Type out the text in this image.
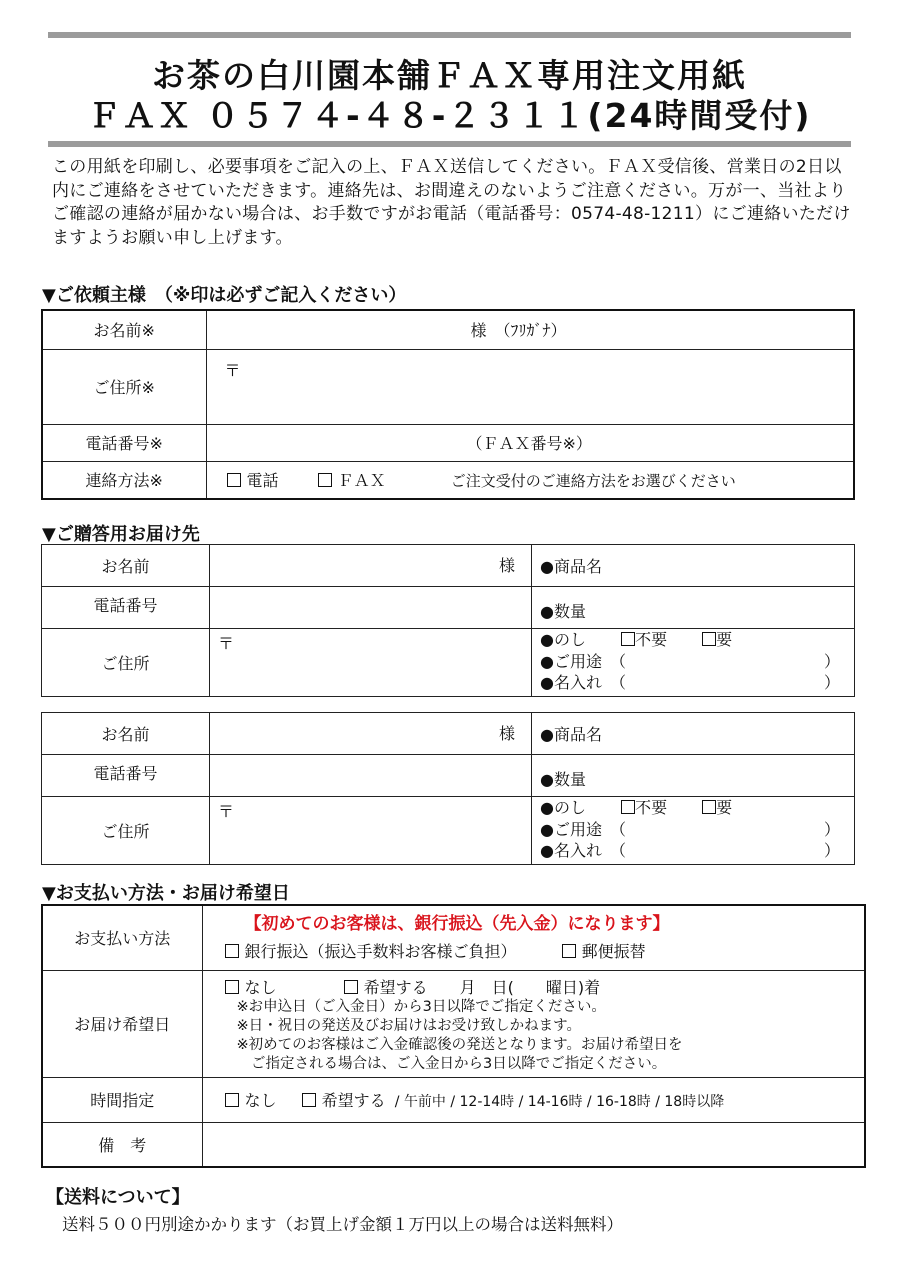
お茶の白川園本舗ＦＡＸ専用注文用紙
ＦＡＸ ０５７４-４８-２３１１(24時間受付)
この用紙を印刷し、必要事項をご記入の上、ＦＡＸ送信してください。ＦＡＸ受信後、営業日の2日以内にご連絡をさせていただきます。連絡先は、お間違えのないようご注意ください。万が一、当社よりご確認の連絡が届かない場合は、お手数ですがお電話（電話番号：0574-48-1211）にご連絡いただけますようお願い申し上げます。
▼ご依頼主様　（※印は必ずご記入ください）
お名前※	様　（ﾌﾘｶﾞﾅ）
ご住所※	〒

電話番号※	（ＦＡＸ番号※）
連絡方法※	電話 ＦＡＸ ご注文受付のご連絡方法をお選びください
▼ご贈答用お届け先
お名前	様	●商品名
電話番号		●数量
ご住所	〒	●のし 不要 要
●ご用途　（ ）
●名入れ　（ ）
お名前	様	●商品名
電話番号		●数量
ご住所	〒	●のし 不要 要
●ご用途　（ ）
●名入れ　（ ）
▼お支払い方法・お届け希望日
お支払い方法	【初めてのお客様は、銀行振込（先入金）になります】
銀行振込（振込手数料お客様ご負担） 郵便振替

お届け希望日	なし 希望する　　月　日(　　曜日)着
※お申込日（ご入金日）から3日以降でご指定ください。
※日・祝日の発送及びお届けはお受け致しかねます。
※初めてのお客様はご入金確認後の発送となります。お届け希望日を
　ご指定される場合は、ご入金日から3日以降でご指定ください。

時間指定	なし 希望する / 午前中 / 12-14時 / 14-16時 / 16-18時 / 18時以降
備　考	
【送料について】
送料５００円別途かかります（お買上げ金額１万円以上の場合は送料無料）
